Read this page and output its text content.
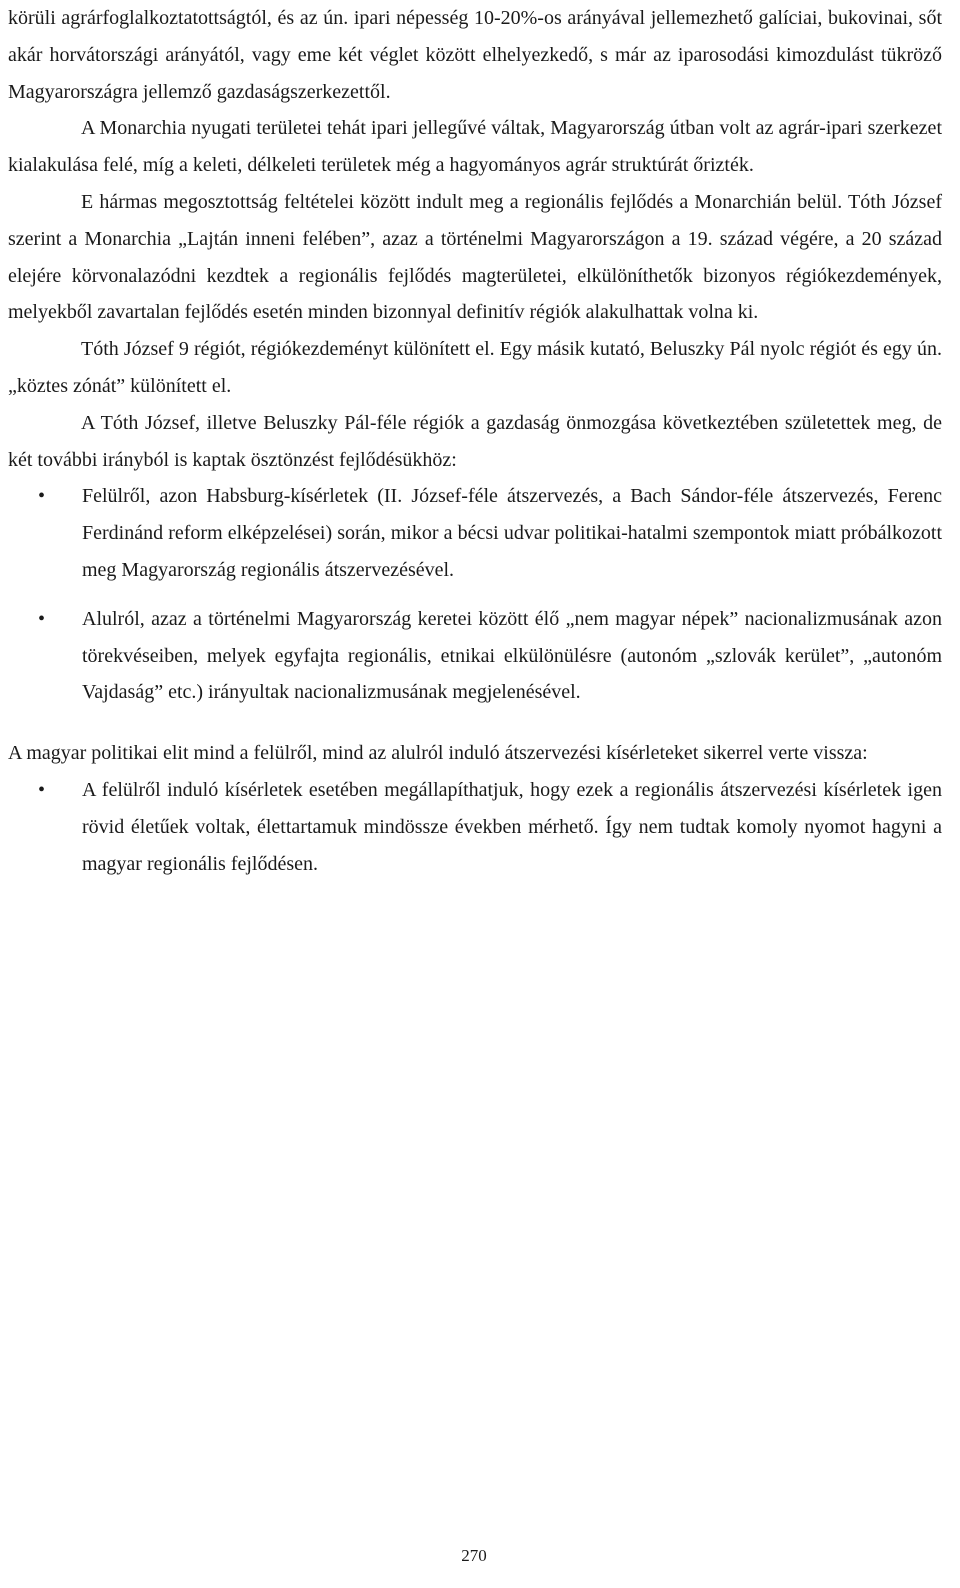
körüli agrárfoglalkoztatottságtól, és az ún. ipari népesség 10-20%-os arányával jellemezhető galíciai, bukovinai, sőt akár horvátországi arányától, vagy eme két véglet között elhelyezkedő, s már az iparosodási kimozdulást tükröző Magyarországra jellemző gazdaságszerkezettől.

A Monarchia nyugati területei tehát ipari jellegűvé váltak, Magyarország útban volt az agrár-ipari szerkezet kialakulása felé, míg a keleti, délkeleti területek még a hagyományos agrár struktúrát őrizték.

E hármas megosztottság feltételei között indult meg a regionális fejlődés a Monarchián belül. Tóth József szerint a Monarchia „Lajtán inneni felében”, azaz a történelmi Magyarországon a 19. század végére, a 20 század elejére körvonalazódni kezdtek a regionális fejlődés magterületei, elkülöníthetők bizonyos régiókezdemények, melyekből zavartalan fejlődés esetén minden bizonnyal definitív régiók alakulhattak volna ki.

Tóth József 9 régiót, régiókezdeményt különített el. Egy másik kutató, Beluszky Pál nyolc régiót és egy ún. „köztes zónát” különített el.

A Tóth József, illetve Beluszky Pál-féle régiók a gazdaság önmozgása következtében születettek meg, de két további irányból is kaptak ösztönzést fejlődésükhöz:

• Felülről, azon Habsburg-kísérletek (II. József-féle átszervezés, a Bach Sándor-féle átszervezés, Ferenc Ferdinánd reform elképzelései) során, mikor a bécsi udvar politikai-hatalmi szempontok miatt próbálkozott meg Magyarország regionális átszervezésével.
• Alulról, azaz a történelmi Magyarország keretei között élő „nem magyar népek” nacionalizmusának azon törekvéseiben, melyek egyfajta regionális, etnikai elkülönülésre (autonóm „szlovák kerület”, „autonóm Vajdaság” etc.) irányultak nacionalizmusának megjelenésével.

A magyar politikai elit mind a felülről, mind az alulról induló átszervezési kísérleteket sikerrel verte vissza:

• A felülről induló kísérletek esetében megállapíthatjuk, hogy ezek a regionális átszervezési kísérletek igen rövid életűek voltak, élettartamuk mindössze években mérhető. Így nem tudtak komoly nyomot hagyni a magyar regionális fejlődésen.
270
